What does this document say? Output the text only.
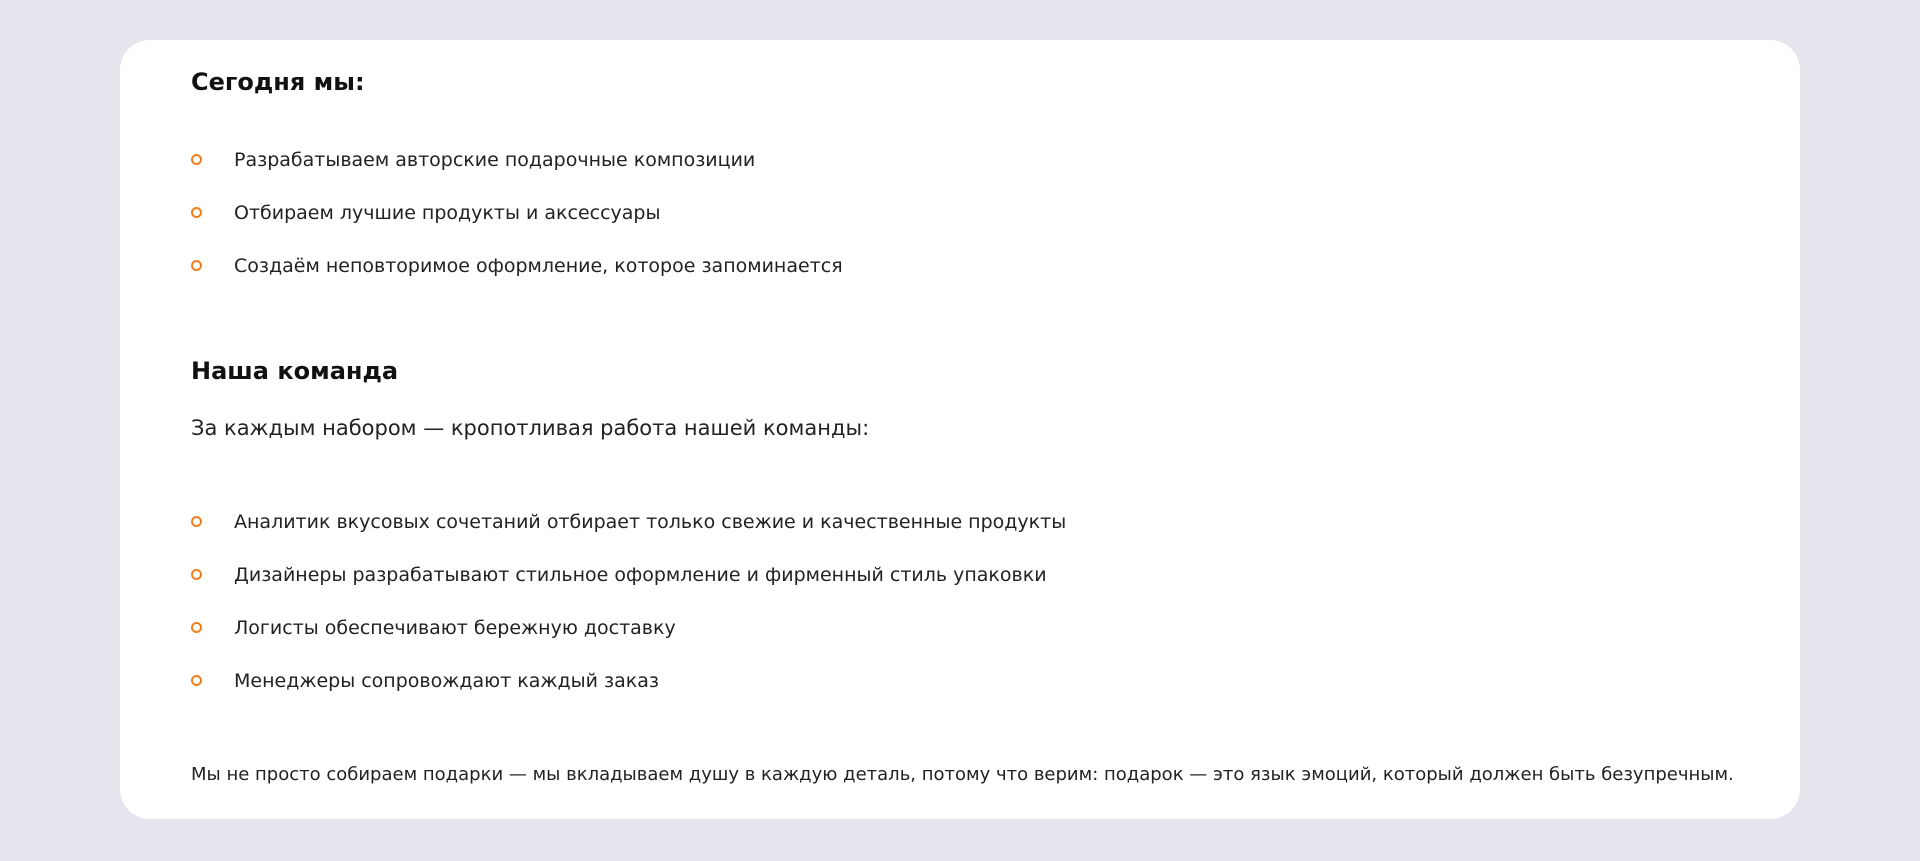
Сегодня мы:
Разрабатываем авторские подарочные композиции
Отбираем лучшие продукты и аксессуары
Создаём неповторимое оформление, которое запоминается
Наша команда

За каждым набором — кропотливая работа нашей команды:

Аналитик вкусовых сочетаний отбирает только свежие и качественные продукты
Дизайнеры разрабатывают стильное оформление и фирменный стиль упаковки
Логисты обеспечивают бережную доставку
Менеджеры сопровождают каждый заказ

Мы не просто собираем подарки — мы вкладываем душу в каждую деталь, потому что верим: подарок — это язык эмоций, который должен быть безупречным.
